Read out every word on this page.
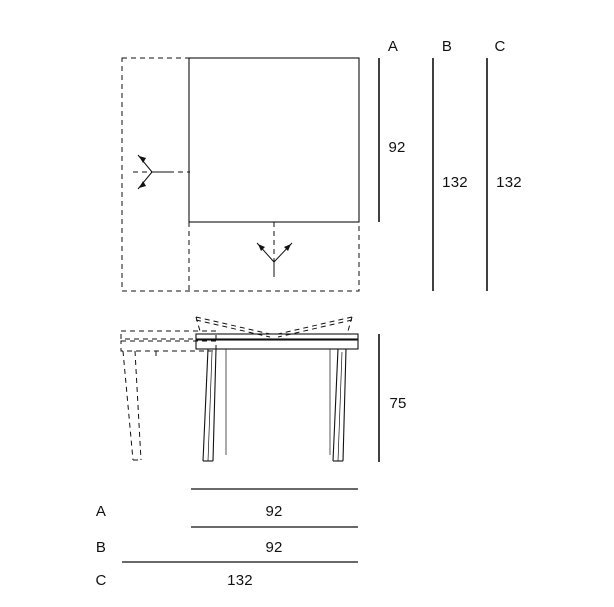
A	B	C
92
132 132
75
A	92
B	92
C	132
